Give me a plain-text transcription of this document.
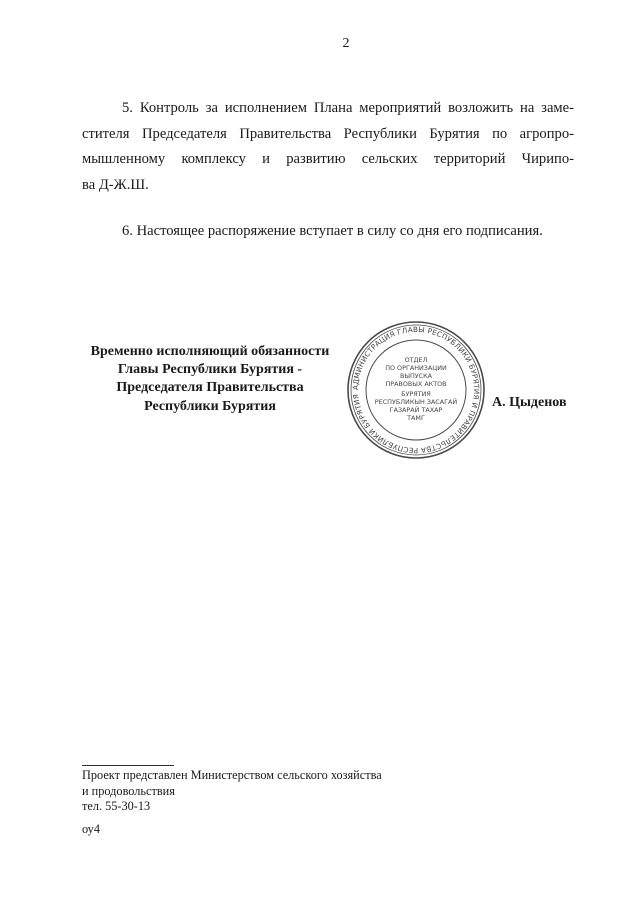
2
5. Контроль за исполнением Плана мероприятий возложить на заме-
стителя Председателя Правительства Республики Бурятия по агропро-
мышленному комплексу и развитию сельских территорий Чирипо-
ва Д-Ж.Ш.
6. Настоящее распоряжение вступает в силу со дня его подписания.
Временно исполняющий обязанности
Главы Республики Бурятия -
Председателя Правительства
Республики Бурятия
АДМИНИСТРАЦИЯ ГЛАВЫ РЕСПУБЛИКИ БУРЯТИЯ И ПРАВИТЕЛЬСТВА РЕСПУБЛИКИ БУРЯТИЯ
ОТДЕЛ
ПО ОРГАНИЗАЦИИ
ВЫПУСКА
ПРАВОВЫХ АКТОВ
БУРЯТИЯ
РЕСПУБЛИКЫН ЗАСАГАЙ
ГАЗАРАЙ ТАХАР
ТАМГ
А. Цыденов
Проект представлен Министерством сельского хозяйства
и продовольствия
тел. 55-30-13
оу4
